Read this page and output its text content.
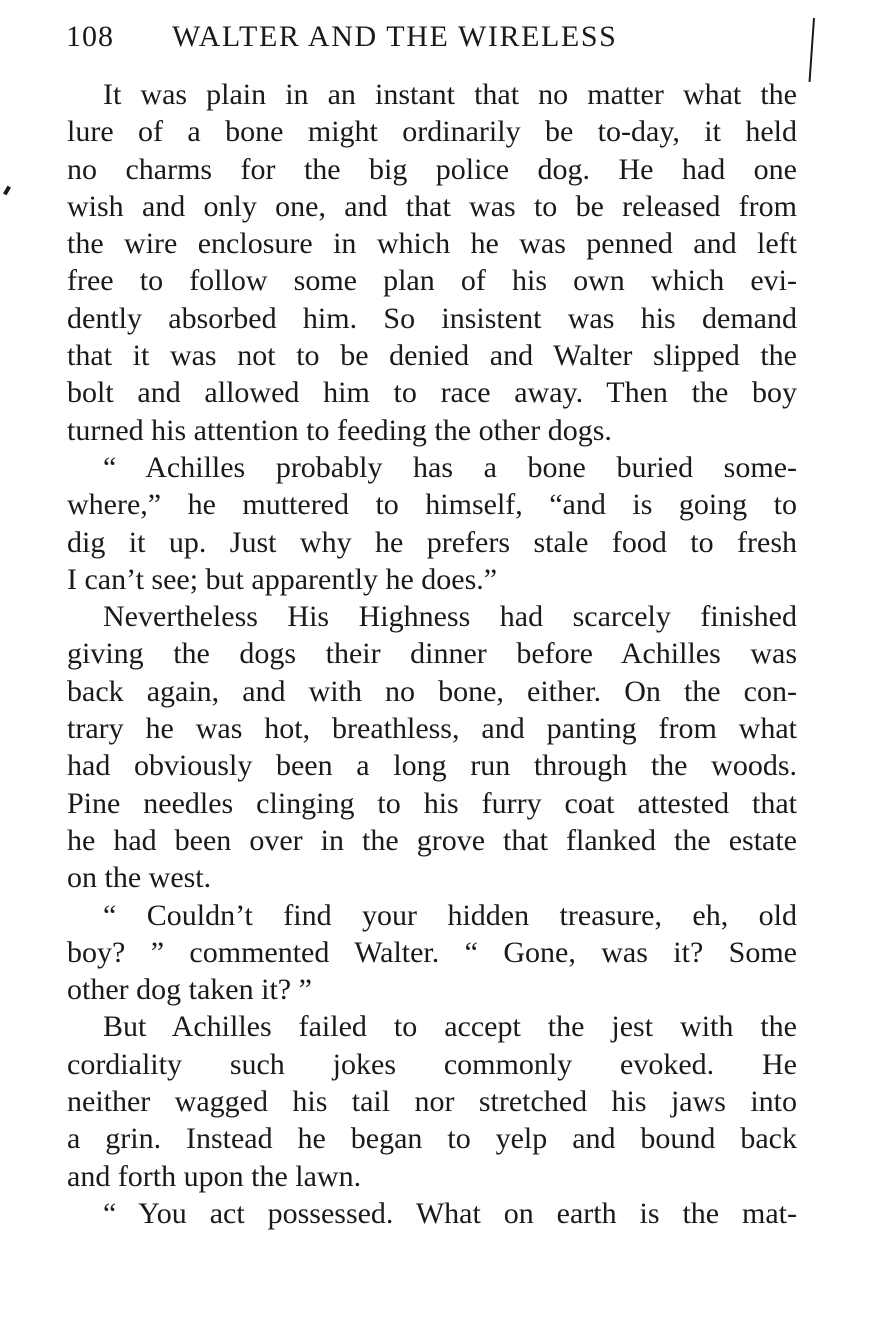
108 WALTER AND THE WIRELESS
It was plain in an instant that no matter what the
lure of a bone might ordinarily be to-day, it held
no charms for the big police dog. He had one
wish and only one, and that was to be released from
the wire enclosure in which he was penned and left
free to follow some plan of his own which evi-
dently absorbed him. So insistent was his demand
that it was not to be denied and Walter slipped the
bolt and allowed him to race away. Then the boy
turned his attention to feeding the other dogs.
“ Achilles probably has a bone buried some-
where,” he muttered to himself, “and is going to
dig it up. Just why he prefers stale food to fresh
I can’t see; but apparently he does.”
Nevertheless His Highness had scarcely finished
giving the dogs their dinner before Achilles was
back again, and with no bone, either. On the con-
trary he was hot, breathless, and panting from what
had obviously been a long run through the woods.
Pine needles clinging to his furry coat attested that
he had been over in the grove that flanked the estate
on the west.
“ Couldn’t find your hidden treasure, eh, old
boy? ” commented Walter. “ Gone, was it? Some
other dog taken it? ”
But Achilles failed to accept the jest with the
cordiality such jokes commonly evoked. He
neither wagged his tail nor stretched his jaws into
a grin. Instead he began to yelp and bound back
and forth upon the lawn.
“ You act possessed. What on earth is the mat-
